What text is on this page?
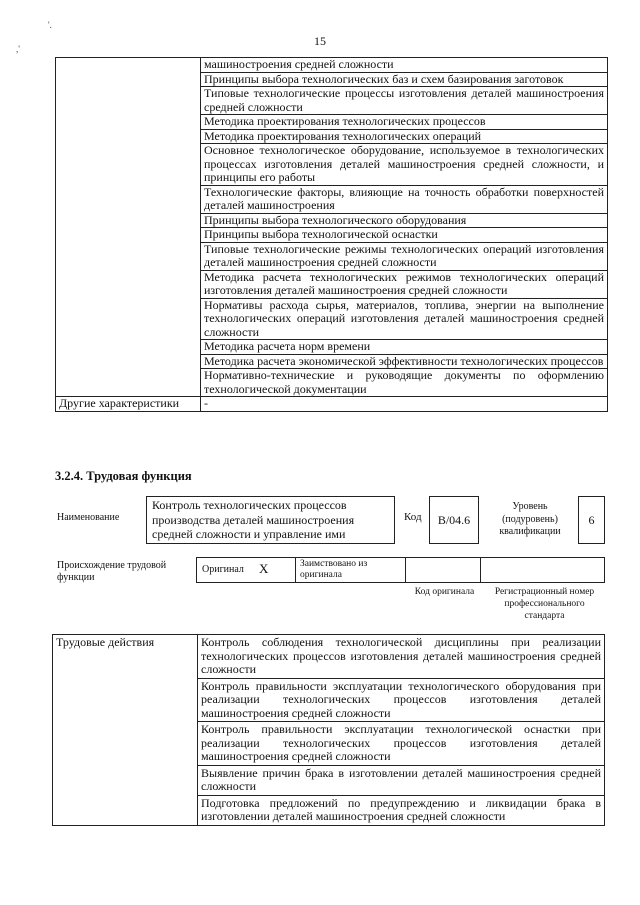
'.
,'
15
	машиностроения средней сложности
	Принципы выбора технологических баз и схем базирования заготовок
	Типовые технологические процессы изготовления деталей машиностроения средней сложности
	Методика проектирования технологических процессов
	Методика проектирования технологических операций
	Основное технологическое оборудование, используемое в технологических процессах изготовления деталей машиностроения средней сложности, и принципы его работы
	Технологические факторы, влияющие на точность обработки поверхностей деталей машиностроения
	Принципы выбора технологического оборудования
	Принципы выбора технологической оснастки
	Типовые технологические режимы технологических операций изготовления деталей машиностроения средней сложности
	Методика расчета технологических режимов технологических операций изготовления деталей машиностроения средней сложности
	Нормативы расхода сырья, материалов, топлива, энергии на выполнение технологических операций изготовления деталей машиностроения средней сложности
	Методика расчета норм времени
	Методика расчета экономической эффективности технологических процессов
	Нормативно-технические и руководящие документы по оформлению технологической документации
Другие характеристики	-
3.2.4. Трудовая функция
Наименование
Контроль технологических процессов производства деталей машиностроения средней сложности и управление ими
Код	B/04.6
Уровень (подуровень) квалификации
6
Происхождение трудовой функции
Оригинал X	Заимствовано из оригинала
Код оригинала	Регистрационный номер профессионального стандарта
Трудовые действия	Контроль соблюдения технологической дисциплины при реализации технологических процессов изготовления деталей машиностроения средней сложности
Контроль правильности эксплуатации технологического оборудования при реализации технологических процессов изготовления деталей машиностроения средней сложности
Контроль правильности эксплуатации технологической оснастки при реализации технологических процессов изготовления деталей машиностроения средней сложности
Выявление причин брака в изготовлении деталей машиностроения средней сложности
Подготовка предложений по предупреждению и ликвидации брака в изготовлении деталей машиностроения средней сложности
